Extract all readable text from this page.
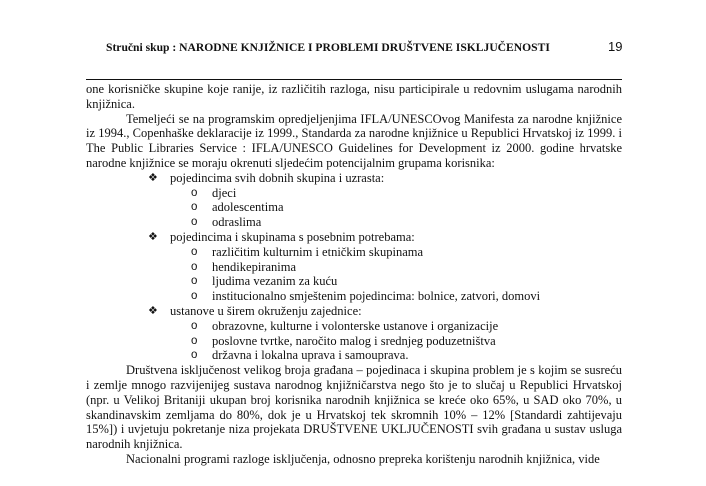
Stručni skup : NARODNE KNJIŽNICE I PROBLEMI DRUŠTVENE ISKLJUČENOSTI	19

one korisničke skupine koje ranije, iz različitih razloga, nisu participirale u redovnim uslugama narodnih knjižnica.

Temeljeći se na programskim opredjeljenjima IFLA/UNESCOvog Manifesta za narodne knjižnice iz 1994., Copenhaške deklaracije iz 1999., Standarda za narodne knjižnice u Republici Hrvatskoj iz 1999. i The Public Libraries Service : IFLA/UNESCO Guidelines for Development iz 2000. godine hrvatske narodne knjižnice se moraju okrenuti sljedećim potencijalnim grupama korisnika:

❖ pojedincima svih dobnih skupina i uzrasta:
o djeci
o adolescentima
o odraslima
❖ pojedincima i skupinama s posebnim potrebama:
o različitim kulturnim i etničkim skupinama
o hendikepiranima
o ljudima vezanim za kuću
o institucionalno smještenim pojedincima: bolnice, zatvori, domovi
❖ ustanove u širem okruženju zajednice:
o obrazovne, kulturne i volonterske ustanove i organizacije
o poslovne tvrtke, naročito malog i srednjeg poduzetništva
o državna i lokalna uprava i samouprava.

Društvena isključenost velikog broja građana – pojedinaca i skupina problem je s kojim se susreću i zemlje mnogo razvijenijeg sustava narodnog knjižničarstva nego što je to slučaj u Republici Hrvatskoj (npr. u Velikoj Britaniji ukupan broj korisnika narodnih knjižnica se kreće oko 65%, u SAD oko 70%, u skandinavskim zemljama do 80%, dok je u Hrvatskoj tek skromnih 10% – 12% [Standardi zahtijevaju 15%]) i uvjetuju pokretanje niza projekata DRUŠTVENE UKLJUČENOSTI svih građana u sustav usluga narodnih knjižnica.

Nacionalni programi razloge isključenja, odnosno prepreka korištenju narodnih knjižnica, vide
